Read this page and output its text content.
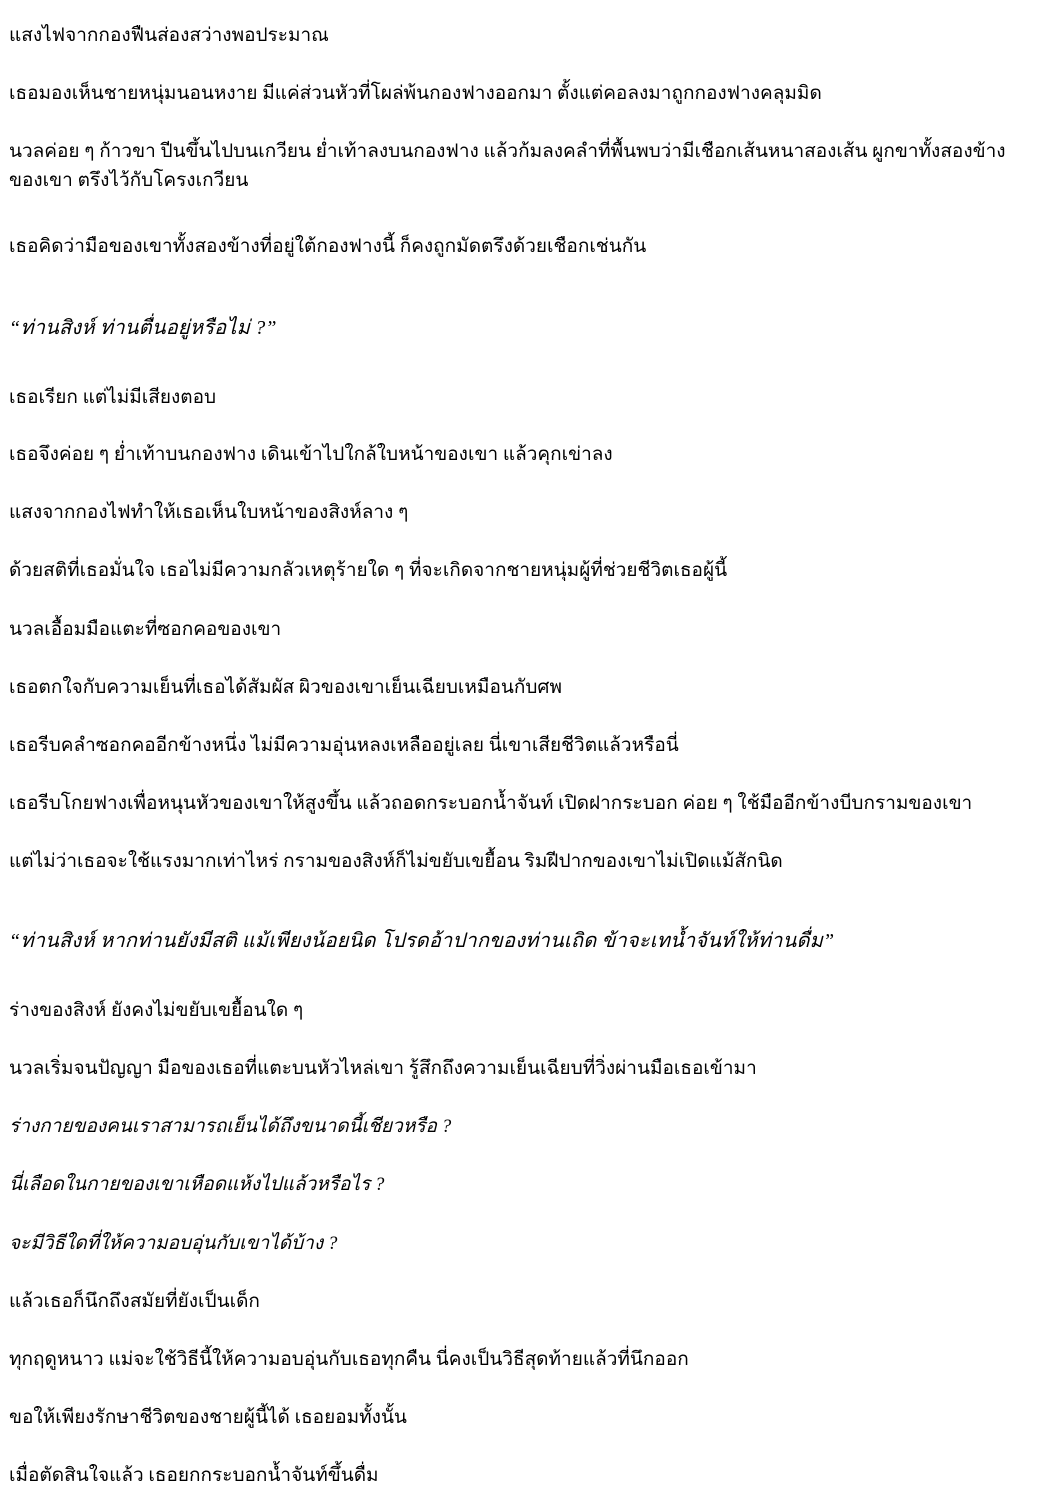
แสงไฟจากกองฟืนส่องสว่างพอประมาณ

เธอมองเห็นชายหนุ่มนอนหงาย มีแค่ส่วนหัวที่โผล่พ้นกองฟางออกมา ตั้งแต่คอลงมาถูกกองฟางคลุมมิด

นวลค่อย ๆ ก้าวขา ปีนขึ้นไปบนเกวียน ย่ำเท้าลงบนกองฟาง แล้วก้มลงคลำที่พื้นพบว่ามีเชือกเส้นหนาสองเส้น ผูกขาทั้งสองข้างของเขา ตรึงไว้กับโครงเกวียน

เธอคิดว่ามือของเขาทั้งสองข้างที่อยู่ใต้กองฟางนี้ ก็คงถูกมัดตรึงด้วยเชือกเช่นกัน

“ท่านสิงห์ ท่านตื่นอยู่หรือไม่ ?”

เธอเรียก แต่ไม่มีเสียงตอบ

เธอจึงค่อย ๆ ย่ำเท้าบนกองฟาง เดินเข้าไปใกล้ใบหน้าของเขา แล้วคุกเข่าลง

แสงจากกองไฟทำให้เธอเห็นใบหน้าของสิงห์ลาง ๆ

ด้วยสติที่เธอมั่นใจ เธอไม่มีความกลัวเหตุร้ายใด ๆ ที่จะเกิดจากชายหนุ่มผู้ที่ช่วยชีวิตเธอผู้นี้

นวลเอื้อมมือแตะที่ซอกคอของเขา

เธอตกใจกับความเย็นที่เธอได้สัมผัส ผิวของเขาเย็นเฉียบเหมือนกับศพ

เธอรีบคลำซอกคออีกข้างหนึ่ง ไม่มีความอุ่นหลงเหลืออยู่เลย นี่เขาเสียชีวิตแล้วหรือนี่

เธอรีบโกยฟางเพื่อหนุนหัวของเขาให้สูงขึ้น แล้วถอดกระบอกน้ำจันท์ เปิดฝากระบอก ค่อย ๆ ใช้มืออีกข้างบีบกรามของเขา

แต่ไม่ว่าเธอจะใช้แรงมากเท่าไหร่ กรามของสิงห์ก็ไม่ขยับเขยื้อน ริมฝีปากของเขาไม่เปิดแม้สักนิด

“ท่านสิงห์ หากท่านยังมีสติ แม้เพียงน้อยนิด โปรดอ้าปากของท่านเถิด ข้าจะเทน้ำจันท์ให้ท่านดื่ม”

ร่างของสิงห์ ยังคงไม่ขยับเขยื้อนใด ๆ

นวลเริ่มจนปัญญา มือของเธอที่แตะบนหัวไหล่เขา รู้สึกถึงความเย็นเฉียบที่วิ่งผ่านมือเธอเข้ามา

ร่างกายของคนเราสามารถเย็นได้ถึงขนาดนี้เชียวหรือ ?

นี่เลือดในกายของเขาเหือดแห้งไปแล้วหรือไร ?

จะมีวิธีใดที่ให้ความอบอุ่นกับเขาได้บ้าง ?

แล้วเธอก็นึกถึงสมัยที่ยังเป็นเด็ก

ทุกฤดูหนาว แม่จะใช้วิธีนี้ให้ความอบอุ่นกับเธอทุกคืน นี่คงเป็นวิธีสุดท้ายแล้วที่นึกออก

ขอให้เพียงรักษาชีวิตของชายผู้นี้ได้ เธอยอมทั้งนั้น

เมื่อตัดสินใจแล้ว เธอยกกระบอกน้ำจันท์ขึ้นดื่ม
